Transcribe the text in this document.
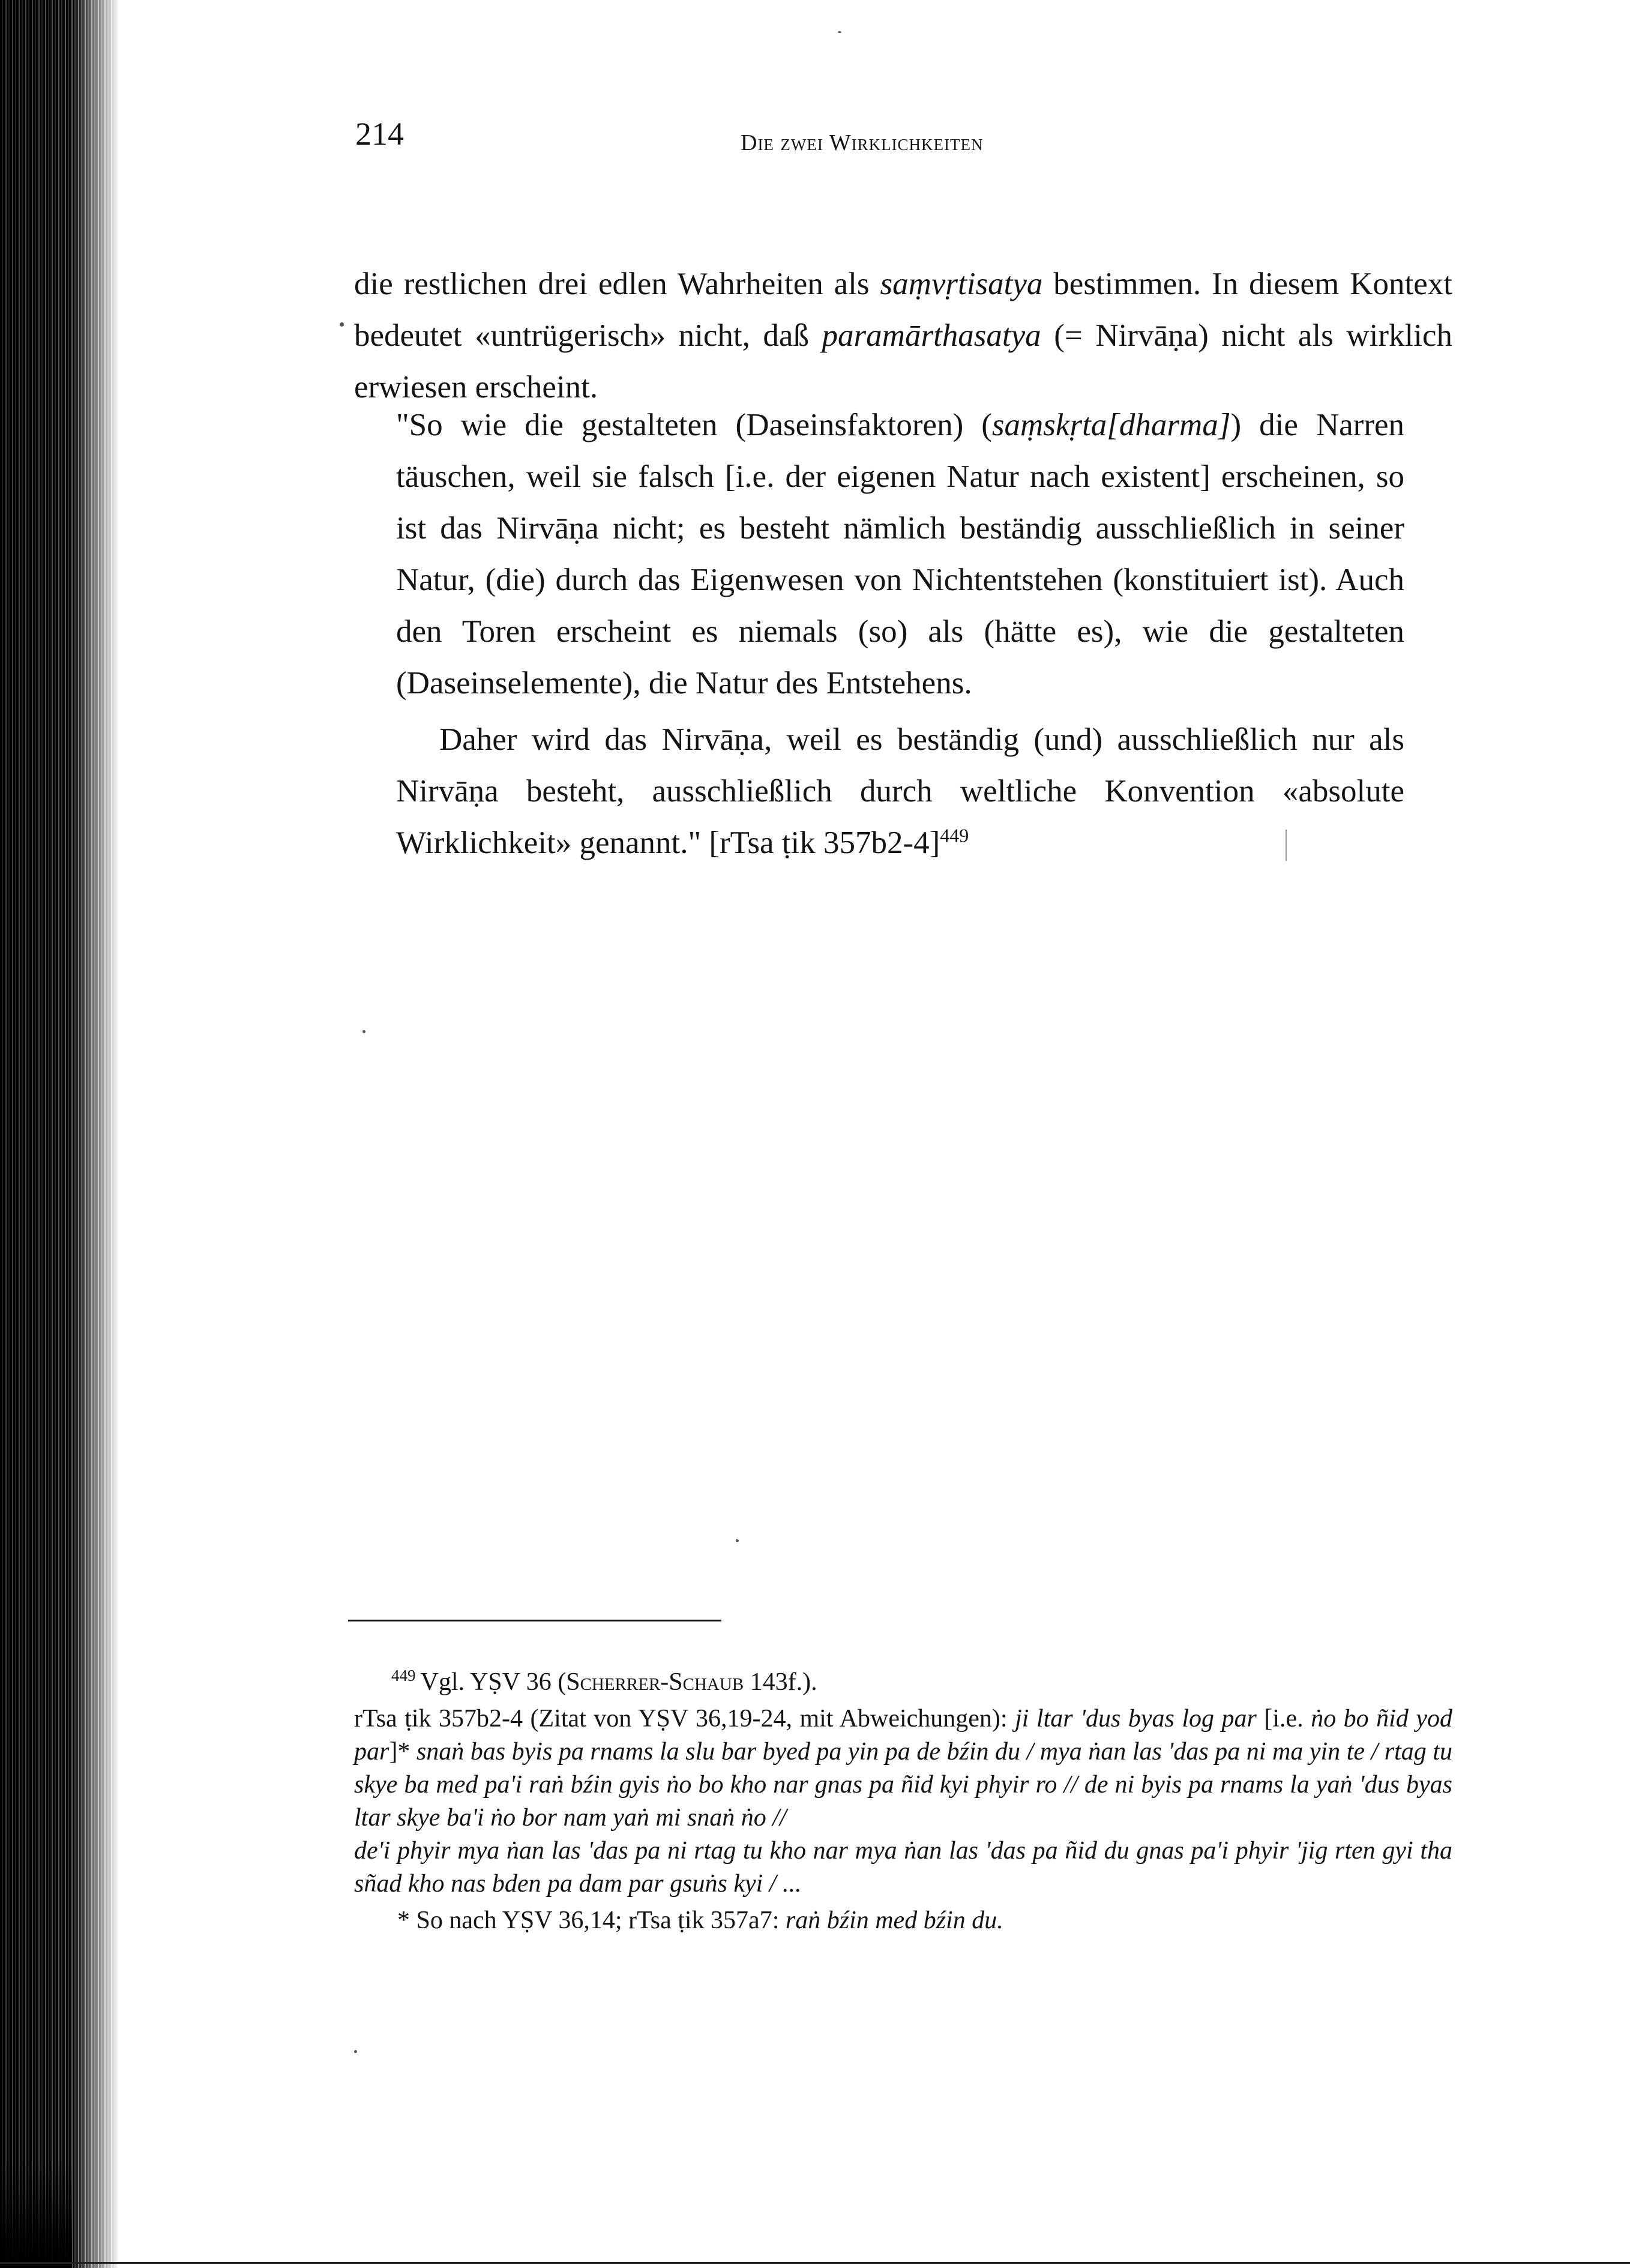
214	Die zwei Wirklichkeiten

die restlichen drei edlen Wahrheiten als saṃvṛtisatya bestimmen. In diesem Kontext bedeutet «untrügerisch» nicht, daß paramārthasatya (= Nirvāṇa) nicht als wirklich erwiesen erscheint.

"So wie die gestalteten (Daseinsfaktoren) (saṃskṛta[dharma]) die Narren täuschen, weil sie falsch [i.e. der eigenen Natur nach existent] erscheinen, so ist das Nirvāṇa nicht; es besteht nämlich beständig ausschließlich in seiner Natur, (die) durch das Eigenwesen von Nichtentstehen (konstituiert ist). Auch den Toren erscheint es niemals (so) als (hätte es), wie die gestalteten (Daseinselemente), die Natur des Entstehens.

Daher wird das Nirvāṇa, weil es beständig (und) ausschließlich nur als Nirvāṇa besteht, ausschließlich durch weltliche Konvention «absolute Wirklichkeit» genannt." [rTsa ṭik 357b2-4]$^{449}$

$^{449}$ Vgl. YṢV 36 (Scherrer-Schaub 143f.).

rTsa ṭik 357b2-4 (Zitat von YṢV 36,19-24, mit Abweichungen): ji ltar 'dus byas log par [i.e. ṅo bo ñid yod par]* snaṅ bas byis pa rnams la slu bar byed pa yin pa de bźin du / mya ṅan las 'das pa ni ma yin te / rtag tu skye ba med pa'i raṅ bźin gyis ṅo bo kho nar gnas pa ñid kyi phyir ro // de ni byis pa rnams la yaṅ 'dus byas ltar skye ba'i ṅo bor nam yaṅ mi snaṅ ṅo //

de'i phyir mya ṅan las 'das pa ni rtag tu kho nar mya ṅan las 'das pa ñid du gnas pa'i phyir 'jig rten gyi tha sñad kho nas bden pa dam par gsuṅs kyi / ...

* So nach YṢV 36,14; rTsa ṭik 357a7: raṅ bźin med bźin du.
